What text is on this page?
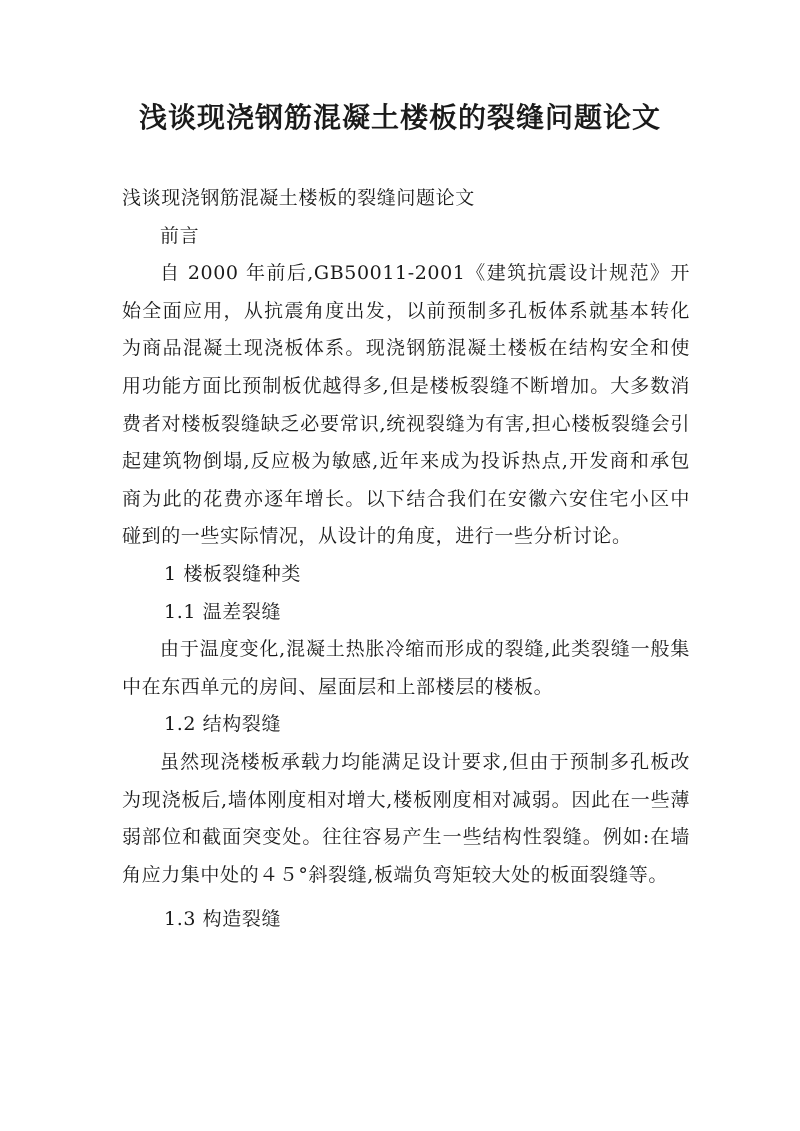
浅谈现浇钢筋混凝土楼板的裂缝问题论文

浅谈现浇钢筋混凝土楼板的裂缝问题论文

前言

自 2000 年前后,GB50011-2001《建筑抗震设计规范》开始全面应用，从抗震角度出发，以前预制多孔板体系就基本转化为商品混凝土现浇板体系。现浇钢筋混凝土楼板在结构安全和使用功能方面比预制板优越得多,但是楼板裂缝不断增加。大多数消费者对楼板裂缝缺乏必要常识,统视裂缝为有害,担心楼板裂缝会引起建筑物倒塌,反应极为敏感,近年来成为投诉热点,开发商和承包商为此的花费亦逐年增长。以下结合我们在安徽六安住宅小区中碰到的一些实际情况，从设计的角度，进行一些分析讨论。

1 楼板裂缝种类

1.1 温差裂缝

由于温度变化,混凝土热胀冷缩而形成的裂缝,此类裂缝一般集中在东西单元的房间、屋面层和上部楼层的楼板。

1.2 结构裂缝

虽然现浇楼板承载力均能满足设计要求,但由于预制多孔板改为现浇板后,墙体刚度相对增大,楼板刚度相对减弱。因此在一些薄弱部位和截面突变处。往往容易产生一些结构性裂缝。例如:在墙角应力集中处的４５°斜裂缝,板端负弯矩较大处的板面裂缝等。

1.3 构造裂缝
